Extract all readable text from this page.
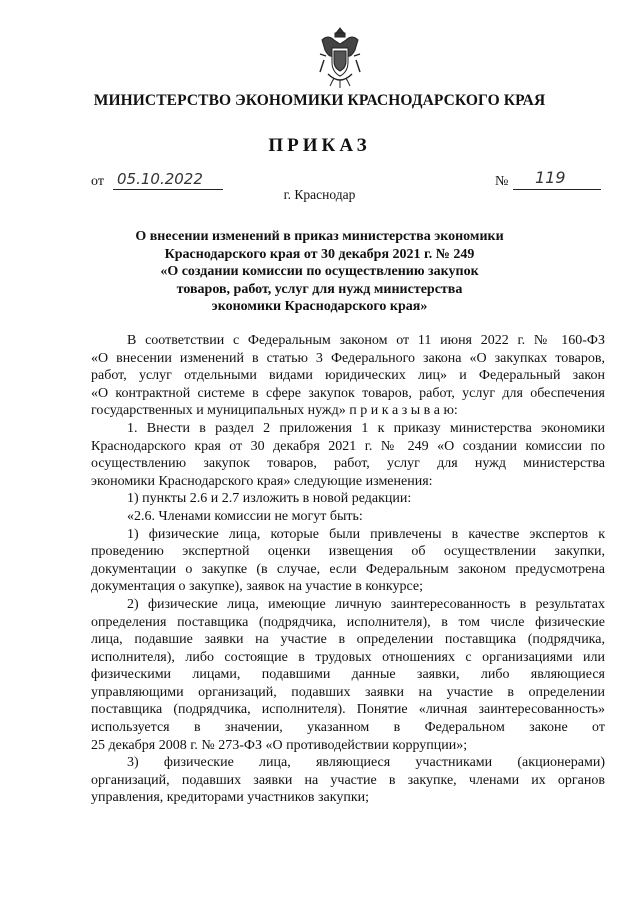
МИНИСТЕРСТВО ЭКОНОМИКИ КРАСНОДАРСКОГО КРАЯ
ПРИКАЗ
от 05.10.2022	№ 119
г. Краснодар
О внесении изменений в приказ министерства экономики
Краснодарского края от 30 декабря 2021 г. № 249
«О создании комиссии по осуществлению закупок
товаров, работ, услуг для нужд министерства
экономики Краснодарского края»
В соответствии с Федеральным законом от 11 июня 2022 г. № 160-ФЗ
«О внесении изменений в статью 3 Федерального закона «О закупках товаров,
работ, услуг отдельными видами юридических лиц» и Федеральный закон
«О контрактной системе в сфере закупок товаров, работ, услуг для обеспечения
государственных и муниципальных нужд» п р и к а з ы в а ю:
1. Внести в раздел 2 приложения 1 к приказу министерства экономики
Краснодарского края от 30 декабря 2021 г. № 249 «О создании комиссии по
осуществлению закупок товаров, работ, услуг для нужд министерства
экономики Краснодарского края» следующие изменения:
1) пункты 2.6 и 2.7 изложить в новой редакции:
«2.6. Членами комиссии не могут быть:
1) физические лица, которые были привлечены в качестве экспертов к
проведению экспертной оценки извещения об осуществлении закупки,
документации о закупке (в случае, если Федеральным законом предусмотрена
документация о закупке), заявок на участие в конкурсе;
2) физические лица, имеющие личную заинтересованность в результатах
определения поставщика (подрядчика, исполнителя), в том числе физические
лица, подавшие заявки на участие в определении поставщика (подрядчика,
исполнителя), либо состоящие в трудовых отношениях с организациями или
физическими лицами, подавшими данные заявки, либо являющиеся
управляющими организаций, подавших заявки на участие в определении
поставщика (подрядчика, исполнителя). Понятие «личная заинтересованность»
используется в значении, указанном в Федеральном законе от
25 декабря 2008 г. № 273-ФЗ «О противодействии коррупции»;
3) физические лица, являющиеся участниками (акционерами)
организаций, подавших заявки на участие в закупке, членами их органов
управления, кредиторами участников закупки;
